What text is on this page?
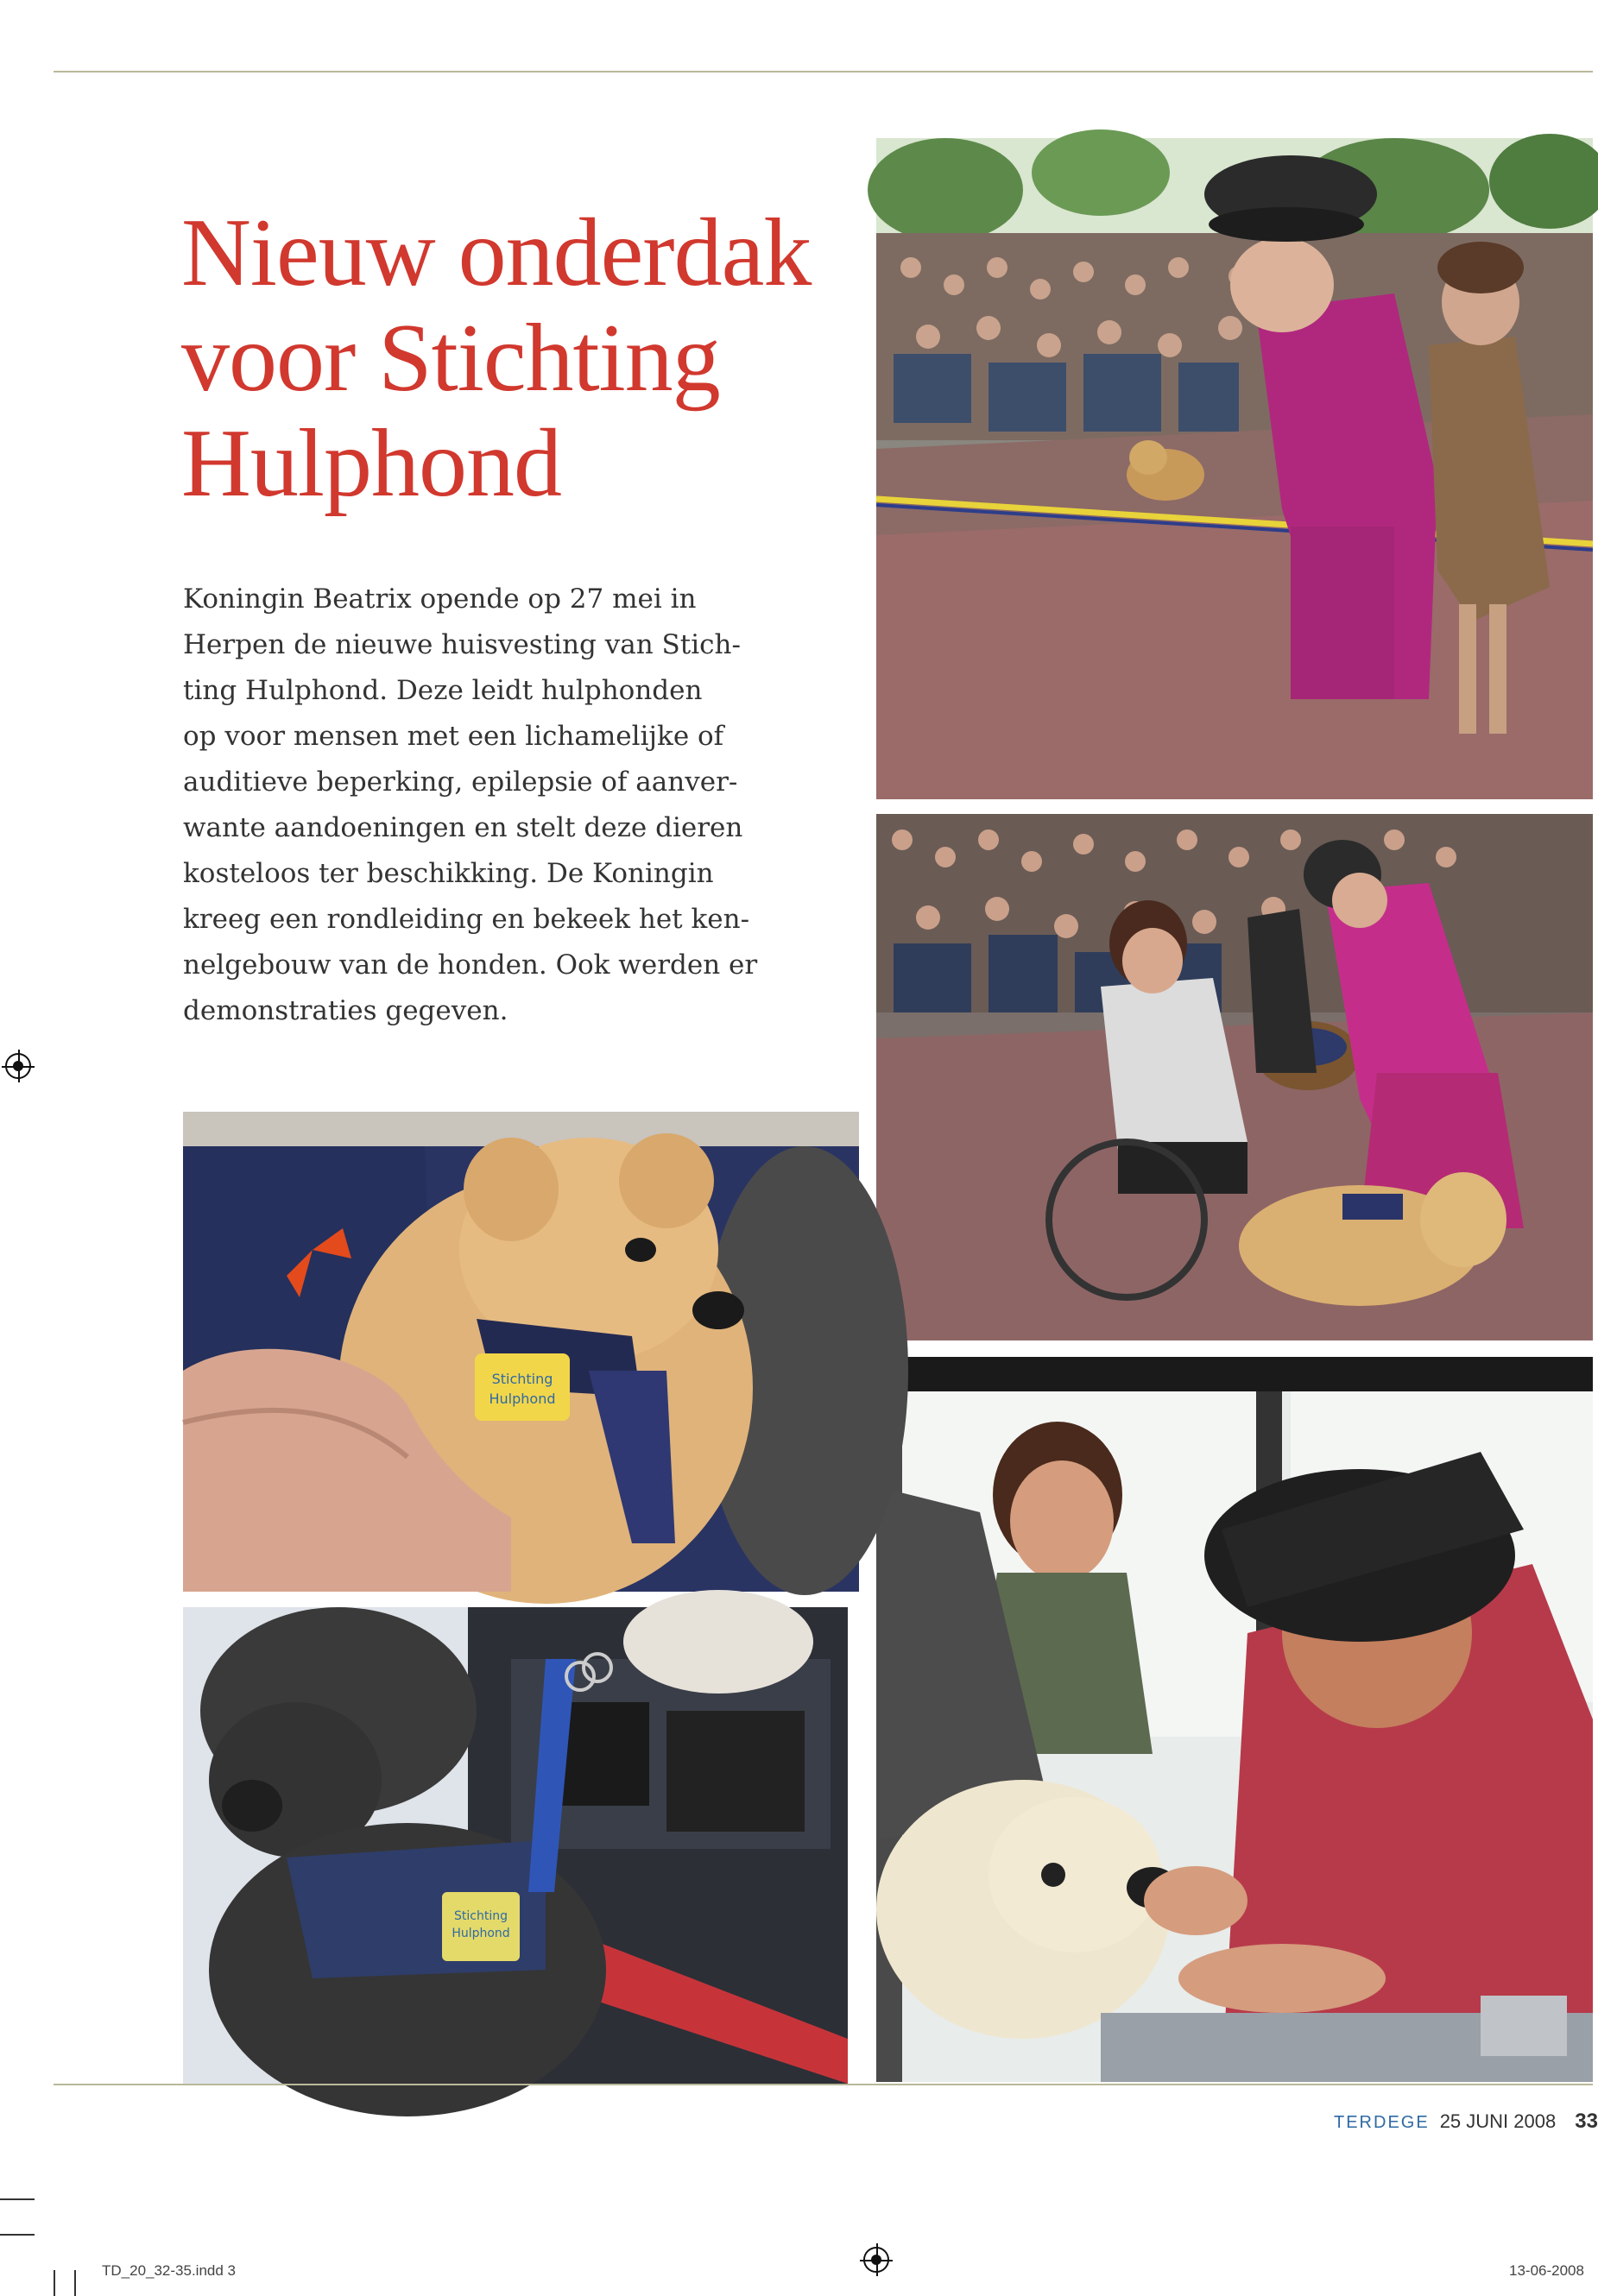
Nieuw onderdak
voor Stichting
Hulphond
Koningin Beatrix opende op 27 mei in
Herpen de nieuwe huisvesting van Stich-
ting Hulphond. Deze leidt hulphonden
op voor mensen met een lichamelijke of
auditieve beperking, epilepsie of aanver-
wante aandoeningen en stelt deze dieren
kosteloos ter beschikking. De Koningin
kreeg een rondleiding en bekeek het ken-
nelgebouw van de honden. Ook werden er
demonstraties gegeven.
Stichting
Hulphond
Stichting
Hulphond
TERDEGE 25 JUNI 2008 33
TD_20_32-35.indd 3	13-06-2008
